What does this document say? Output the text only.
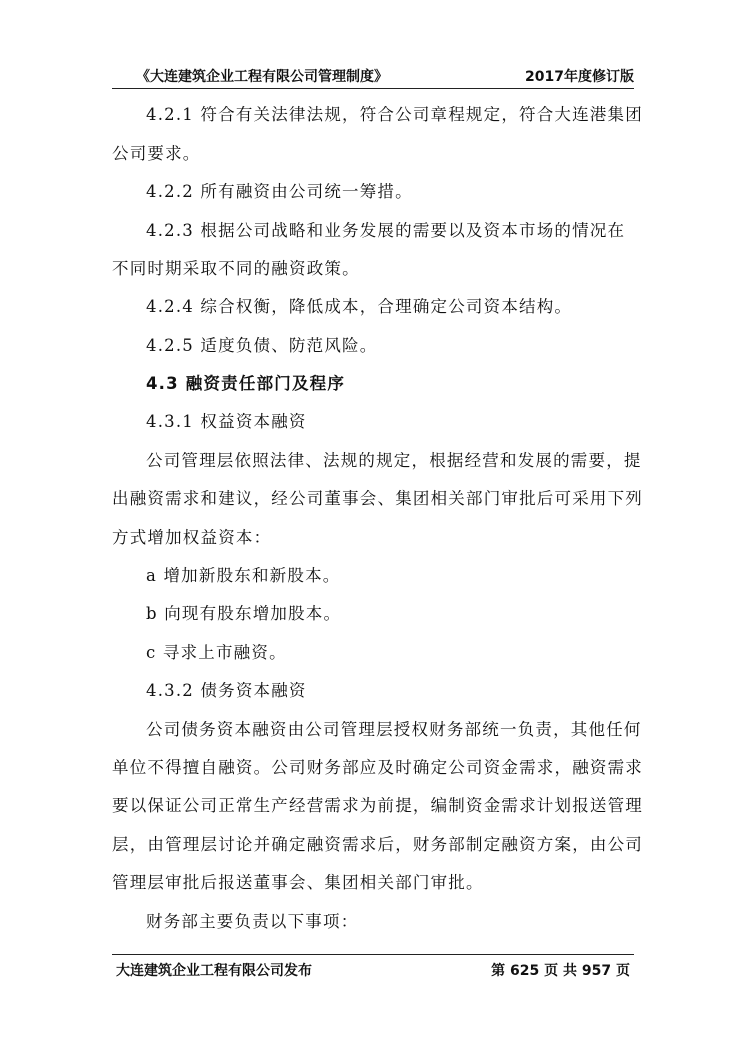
《大连建筑企业工程有限公司管理制度》	2017年度修订版
4.2.1 符合有关法律法规，符合公司章程规定，符合大连港集团
公司要求。
4.2.2 所有融资由公司统一筹措。
4.2.3 根据公司战略和业务发展的需要以及资本市场的情况在
不同时期采取不同的融资政策。
4.2.4 综合权衡，降低成本，合理确定公司资本结构。
4.2.5 适度负债、防范风险。
4.3 融资责任部门及程序
4.3.1 权益资本融资
公司管理层依照法律、法规的规定，根据经营和发展的需要，提
出融资需求和建议，经公司董事会、集团相关部门审批后可采用下列
方式增加权益资本：
a 增加新股东和新股本。
b 向现有股东增加股本。
c 寻求上市融资。
4.3.2 债务资本融资
公司债务资本融资由公司管理层授权财务部统一负责，其他任何
单位不得擅自融资。公司财务部应及时确定公司资金需求，融资需求
要以保证公司正常生产经营需求为前提，编制资金需求计划报送管理
层，由管理层讨论并确定融资需求后，财务部制定融资方案，由公司
管理层审批后报送董事会、集团相关部门审批。
财务部主要负责以下事项：
大连建筑企业工程有限公司发布	第 625 页 共 957 页
